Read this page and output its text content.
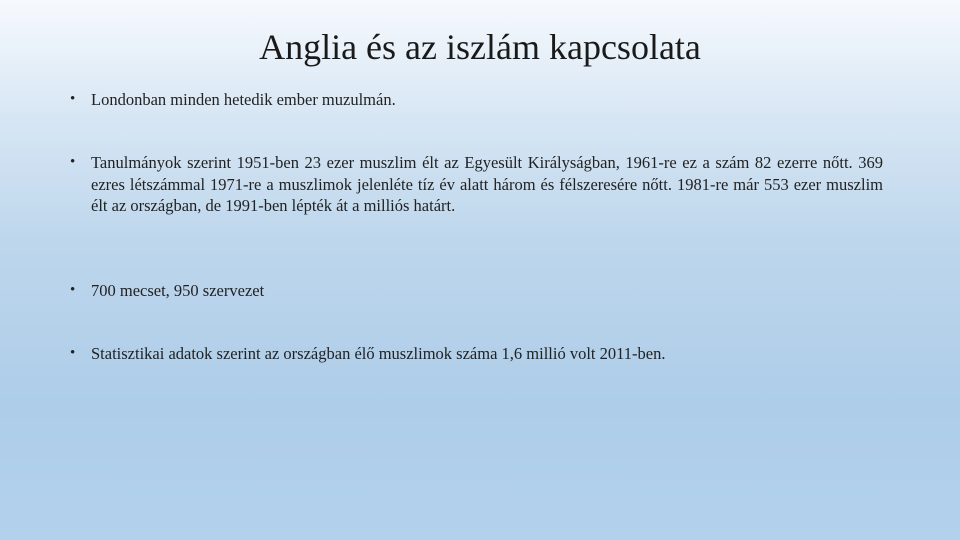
Anglia és az iszlám kapcsolata
• Londonban minden hetedik ember muzulmán.
• Tanulmányok szerint 1951-ben 23 ezer muszlim élt az Egyesült Királyságban, 1961-re ez a szám 82 ezerre nőtt. 369 ezres létszámmal 1971-re a muszlimok jelenléte tíz év alatt három és félszeresére nőtt. 1981-re már 553 ezer muszlim élt az országban, de 1991-ben lépték át a milliós határt.
• 700 mecset, 950 szervezet
• Statisztikai adatok szerint az országban élő muszlimok száma 1,6 millió volt 2011-ben.
